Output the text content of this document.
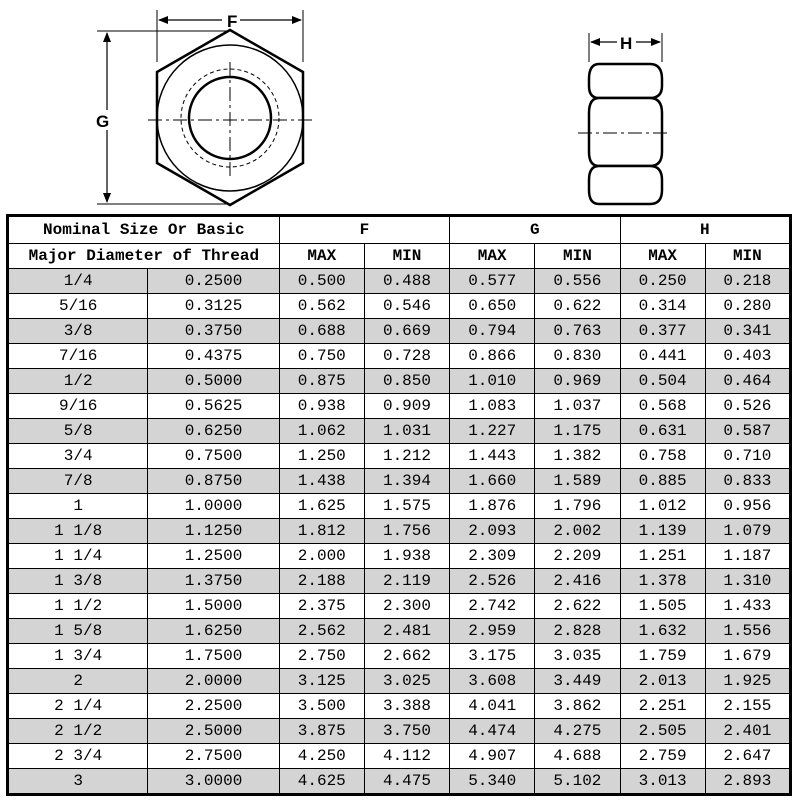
F
G
H
Nominal Size Or Basic		F		G		H	
Major Diameter of Thread		MAX	MIN	MAX	MIN	MAX	MIN
1/4	0.2500	0.500	0.488	0.577	0.556	0.250	0.218
5/16	0.3125	0.562	0.546	0.650	0.622	0.314	0.280
3/8	0.3750	0.688	0.669	0.794	0.763	0.377	0.341
7/16	0.4375	0.750	0.728	0.866	0.830	0.441	0.403
1/2	0.5000	0.875	0.850	1.010	0.969	0.504	0.464
9/16	0.5625	0.938	0.909	1.083	1.037	0.568	0.526
5/8	0.6250	1.062	1.031	1.227	1.175	0.631	0.587
3/4	0.7500	1.250	1.212	1.443	1.382	0.758	0.710
7/8	0.8750	1.438	1.394	1.660	1.589	0.885	0.833
1	1.0000	1.625	1.575	1.876	1.796	1.012	0.956
1 1/8	1.1250	1.812	1.756	2.093	2.002	1.139	1.079
1 1/4	1.2500	2.000	1.938	2.309	2.209	1.251	1.187
1 3/8	1.3750	2.188	2.119	2.526	2.416	1.378	1.310
1 1/2	1.5000	2.375	2.300	2.742	2.622	1.505	1.433
1 5/8	1.6250	2.562	2.481	2.959	2.828	1.632	1.556
1 3/4	1.7500	2.750	2.662	3.175	3.035	1.759	1.679
2	2.0000	3.125	3.025	3.608	3.449	2.013	1.925
2 1/4	2.2500	3.500	3.388	4.041	3.862	2.251	2.155
2 1/2	2.5000	3.875	3.750	4.474	4.275	2.505	2.401
2 3/4	2.7500	4.250	4.112	4.907	4.688	2.759	2.647
3	3.0000	4.625	4.475	5.340	5.102	3.013	2.893
